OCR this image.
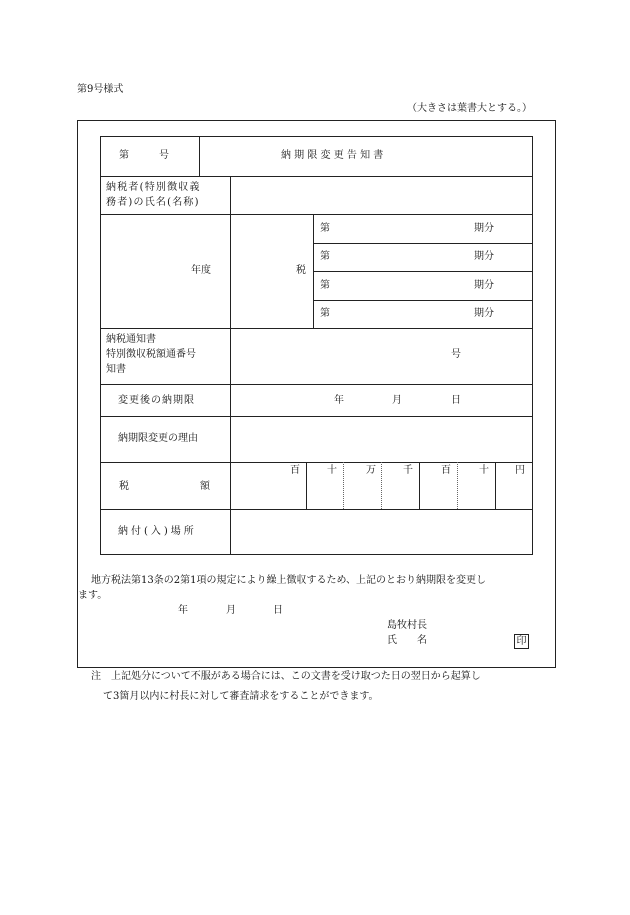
第9号様式
（大きさは葉書大とする。）
第　　　号	納 期 限 変 更 告 知 書
納税者(特別徴収義
務者)の氏名(名称)
年度	税
第	期分
第	期分
第	期分
第	期分
納税通知書
特別徴収税額通番号
知書
号
変更後の納期限	年	月	日
納期限変更の理由
税	額
百	十	万	千	百	十	円
納付(入)場所
地方税法第13条の2第1項の規定により繰上徴収するため、上記のとおり納期限を変更し
ます。
年	月	日
島牧村長
氏　　名	印
注　上記処分について不服がある場合には、この文書を受け取つた日の翌日から起算し
て3箇月以内に村長に対して審査請求をすることができます。
